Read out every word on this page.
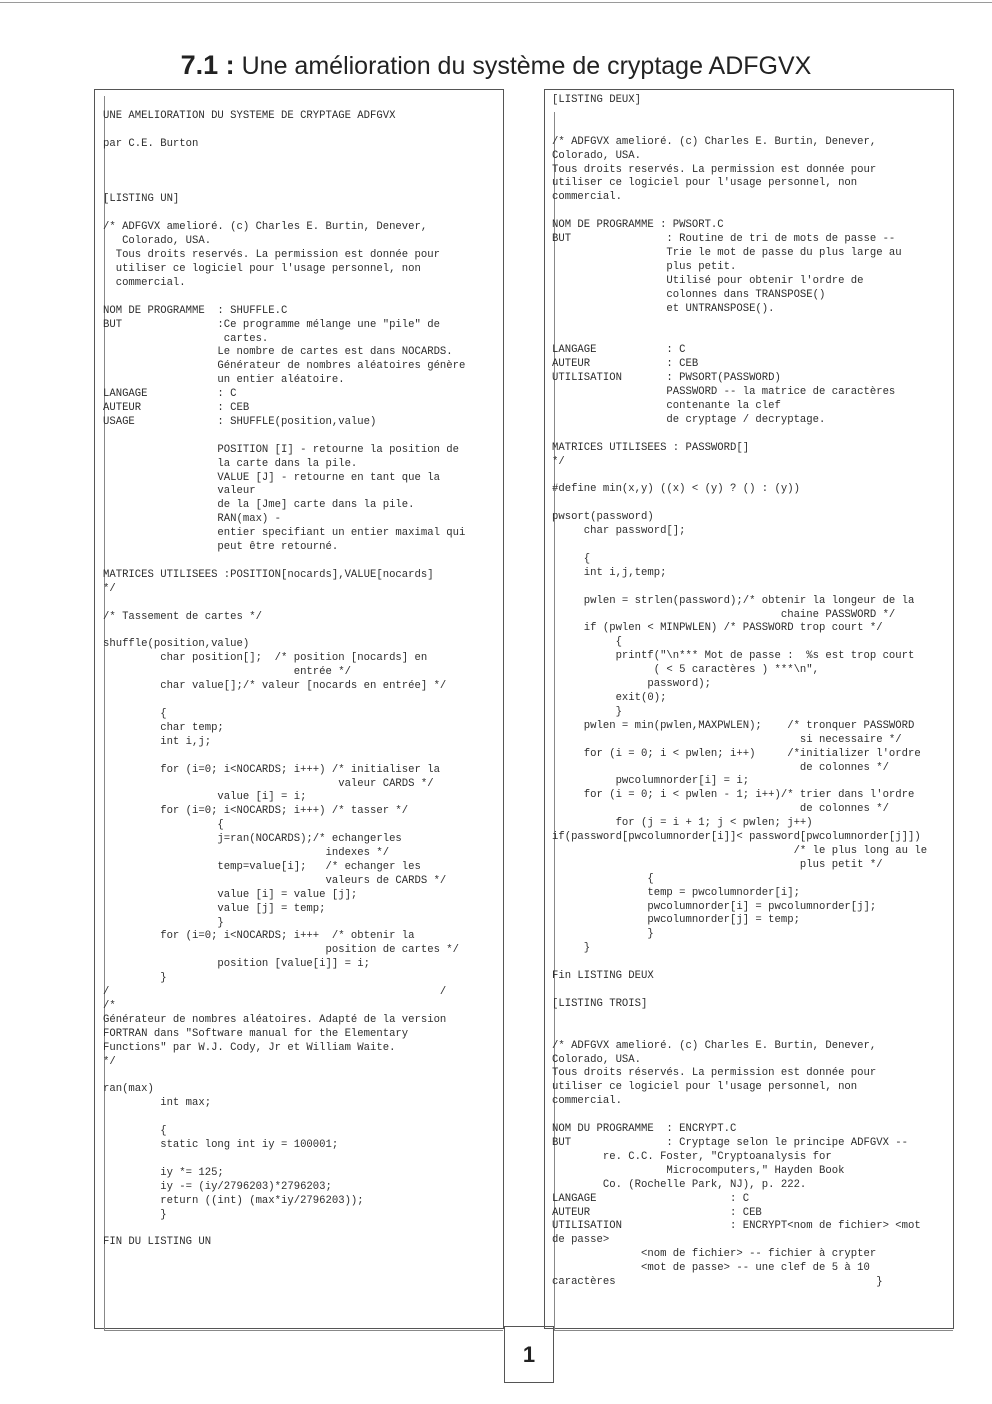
7.1 : Une amélioration du système de cryptage ADFGVX
UNE AMELIORATION DU SYSTEME DE CRYPTAGE ADFGVX

par C.E. Burton

[LISTING UN]

/* ADFGVX amelioré. (c) Charles E. Burtin, Denever,
Colorado, USA.
Tous droits reservés. La permission est donnée pour
utiliser ce logiciel pour l'usage personnel, non
commercial.

NOM DE PROGRAMME  : SHUFFLE.C
BUT               :Ce programme mélange une "pile" de
cartes.
Le nombre de cartes est dans NOCARDS.
Générateur de nombres aléatoires génère
un entier aléatoire.
LANGAGE           : C
AUTEUR            : CEB
USAGE             : SHUFFLE(position,value)

POSITION [I] - retourne la position de
la carte dans la pile.
VALUE [J] - retourne en tant que la
valeur
de la [Jme] carte dans la pile.
RAN(max) -
entier specifiant un entier maximal qui
peut être retourné.

MATRICES UTILISEES :POSITION[nocards],VALUE[nocards]
*/

/* Tassement de cartes */

shuffle(position,value)
char position[];  /* position [nocards] en
entrée */
char value[];/* valeur [nocards en entrée] */

{
char temp;
int i,j;

for (i=0; i<NOCARDS; i+++) /* initialiser la
valeur CARDS */
value [i] = i;
for (i=0; i<NOCARDS; i+++) /* tasser */
{
j=ran(NOCARDS);/* echangerles
indexes */
temp=value[i];   /* echanger les
valeurs de CARDS */
value [i] = value [j];
value [j] = temp;
}
for (i=0; i<NOCARDS; i+++  /* obtenir la
position de cartes */
position [value[i]] = i;
}
/                                                    /
/*
Générateur de nombres aléatoires. Adapté de la version
FORTRAN dans "Software manual for the Elementary
Functions" par W.J. Cody, Jr et William Waite.
*/

ran(max)
int max;

{
static long int iy = 100001;

iy *= 125;
iy -= (iy/2796203)*2796203;
return ((int) (max*iy/2796203));
}

FIN DU LISTING UN
[LISTING DEUX]

/* ADFGVX amelioré. (c) Charles E. Burtin, Denever,
Colorado, USA.
Tous droits reservés. La permission est donnée pour
utiliser ce logiciel pour l'usage personnel, non
commercial.

NOM DE PROGRAMME : PWSORT.C
BUT               : Routine de tri de mots de passe --
Trie le mot de passe du plus large au
plus petit.
Utilisé pour obtenir l'ordre de
colonnes dans TRANSPOSE()
et UNTRANSPOSE().

LANGAGE           : C
AUTEUR            : CEB
UTILISATION       : PWSORT(PASSWORD)
PASSWORD -- la matrice de caractères
contenante la clef
de cryptage / decryptage.

MATRICES UTILISEES : PASSWORD[]
*/

#define min(x,y) ((x) < (y) ? () : (y))

pwsort(password)
char password[];

{
int i,j,temp;

pwlen = strlen(password);/* obtenir la longeur de la
chaine PASSWORD */
if (pwlen < MINPWLEN) /* PASSWORD trop court */
{
printf("\n*** Mot de passe :  %s est trop court
( < 5 caractères ) ***\n",
password);
exit(0);
}
pwlen = min(pwlen,MAXPWLEN);    /* tronquer PASSWORD
si necessaire */
for (i = 0; i < pwlen; i++)     /*initializer l'ordre
de colonnes */
pwcolumnorder[i] = i;
for (i = 0; i < pwlen - 1; i++)/* trier dans l'ordre
de colonnes */
for (j = i + 1; j < pwlen; j++)
if(password[pwcolumnorder[i]]< password[pwcolumnorder[j]])
/* le plus long au le
plus petit */
{
temp = pwcolumnorder[i];
pwcolumnorder[i] = pwcolumnorder[j];
pwcolumnorder[j] = temp;
}
}

Fin LISTING DEUX

[LISTING TROIS]

/* ADFGVX amelioré. (c) Charles E. Burtin, Denever,
Colorado, USA.
Tous droits réservés. La permission est donnée pour
utiliser ce logiciel pour l'usage personnel, non
commercial.

NOM DU PROGRAMME  : ENCRYPT.C
BUT               : Cryptage selon le principe ADFGVX --
re. C.C. Foster, "Cryptoanalysis for
Microcomputers," Hayden Book
Co. (Rochelle Park, NJ), p. 222.
LANGAGE                     : C
AUTEUR                      : CEB
UTILISATION                 : ENCRYPT<nom de fichier> <mot
de passe>
<nom de fichier> -- fichier à crypter
<mot de passe> -- une clef de 5 à 10
caractères                                         }
1
